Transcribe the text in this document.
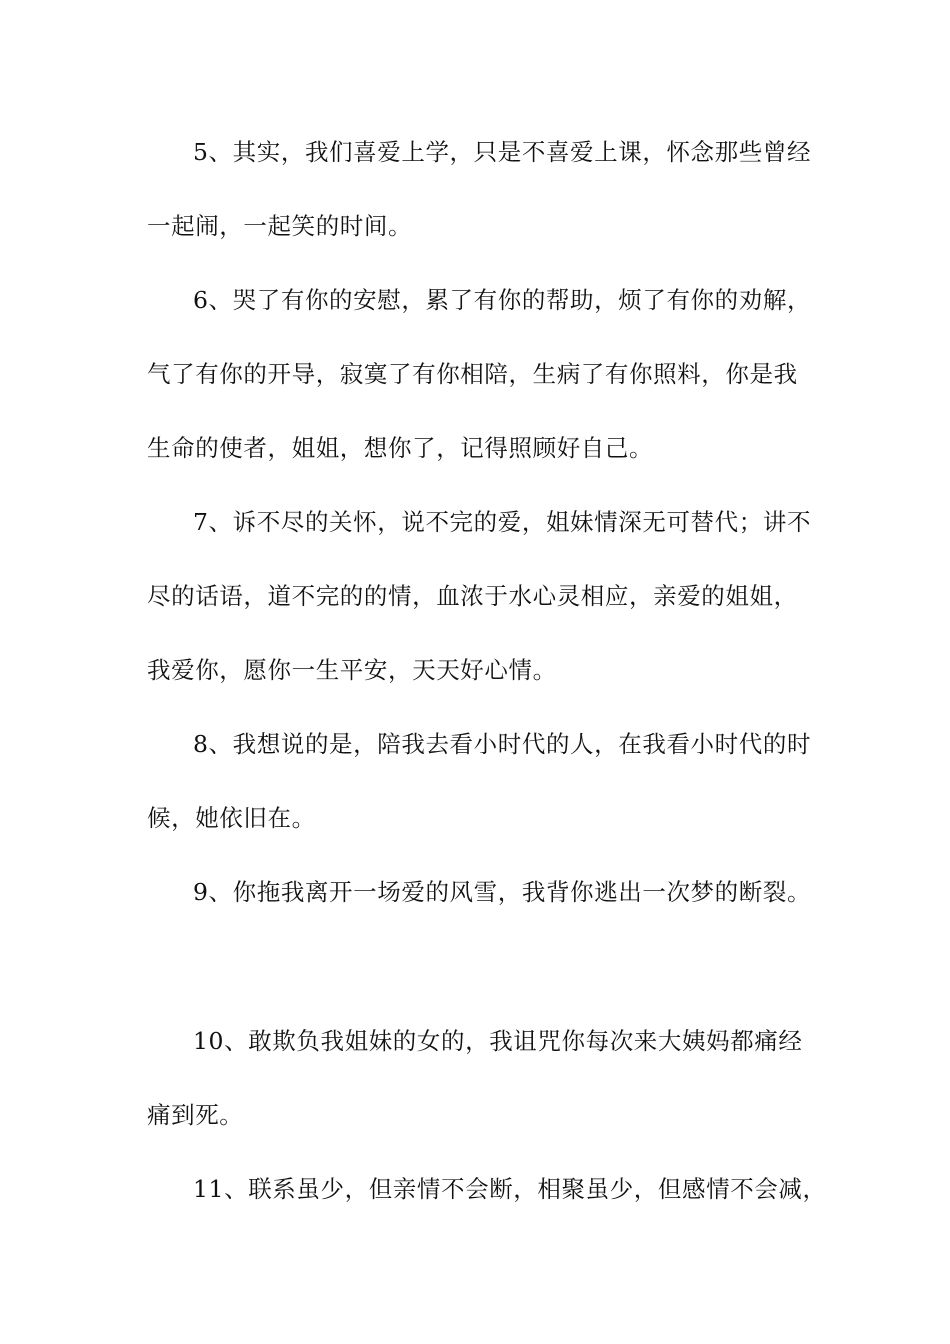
5、其实，我们喜爱上学，只是不喜爱上课，怀念那些曾经
一起闹，一起笑的时间。
6、哭了有你的安慰，累了有你的帮助，烦了有你的劝解，
气了有你的开导，寂寞了有你相陪，生病了有你照料，你是我
生命的使者，姐姐，想你了，记得照顾好自己。
7、诉不尽的关怀，说不完的爱，姐妹情深无可替代；讲不
尽的话语，道不完的的情，血浓于水心灵相应，亲爱的姐姐，
我爱你，愿你一生平安，天天好心情。
8、我想说的是，陪我去看小时代的人，在我看小时代的时
候，她依旧在。
9、你拖我离开一场爱的风雪，我背你逃出一次梦的断裂。
10、敢欺负我姐妹的女的，我诅咒你每次来大姨妈都痛经
痛到死。
11、联系虽少，但亲情不会断，相聚虽少，但感情不会减，
